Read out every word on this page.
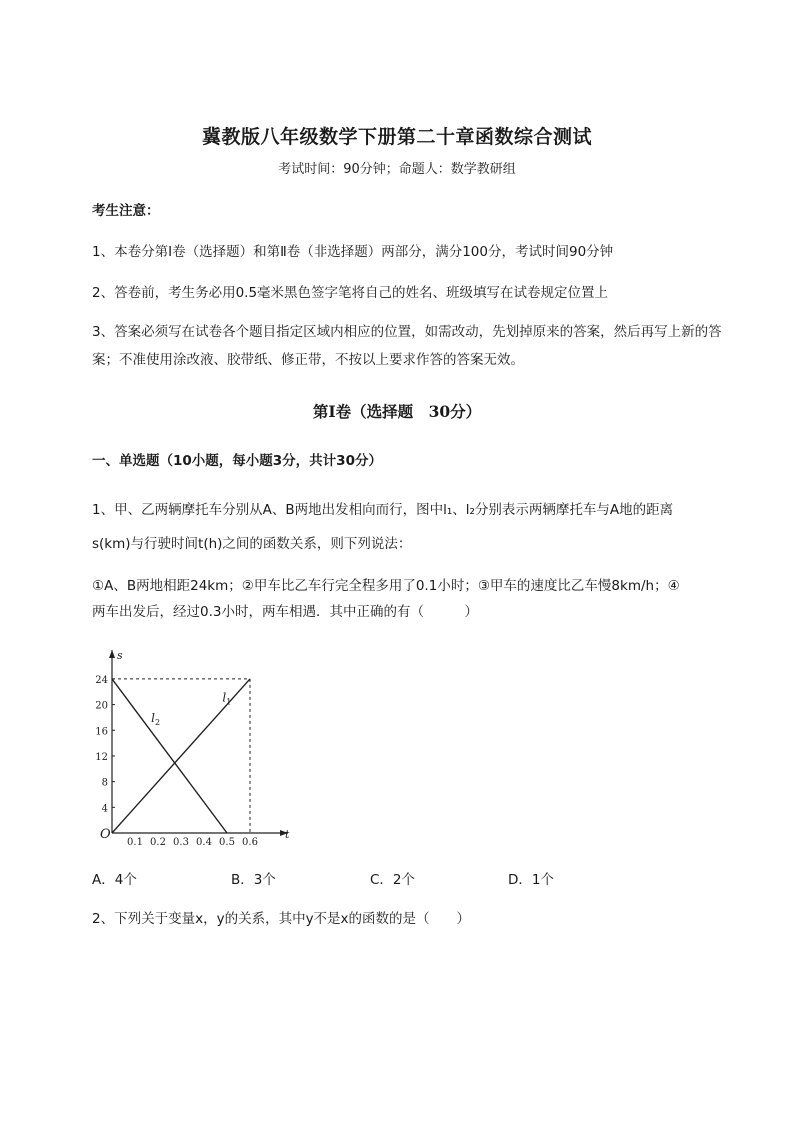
冀教版八年级数学下册第二十章函数综合测试
考试时间：90分钟；命题人：数学教研组
考生注意：
1、本卷分第I卷（选择题）和第Ⅱ卷（非选择题）两部分，满分100分，考试时间90分钟
2、答卷前，考生务必用0.5毫米黑色签字笔将自己的姓名、班级填写在试卷规定位置上
3、答案必须写在试卷各个题目指定区域内相应的位置，如需改动，先划掉原来的答案，然后再写上新的答案；不准使用涂改液、胶带纸、修正带，不按以上要求作答的答案无效。
第I卷（选择题　30分）
一、单选题（10小题，每小题3分，共计30分）
1、甲、乙两辆摩托车分别从A、B两地出发相向而行，图中l₁、l₂分别表示两辆摩托车与A地的距离
s(km)与行驶时间t(h)之间的函数关系，则下列说法：
①A、B两地相距24km；②甲车比乙车行完全程多用了0.1小时；③甲车的速度比乙车慢8km/h；④
两车出发后，经过0.3小时，两车相遇．其中正确的有（　　　）
t
s
O
0.1 0.2 0.3 0.4 0.5 0.6
4
8
12
16
20
24
$l_1$
$l_2$
A．4个	B．3个	C．2个	D．1个
2、下列关于变量x，y的关系，其中y不是x的函数的是（　　）
